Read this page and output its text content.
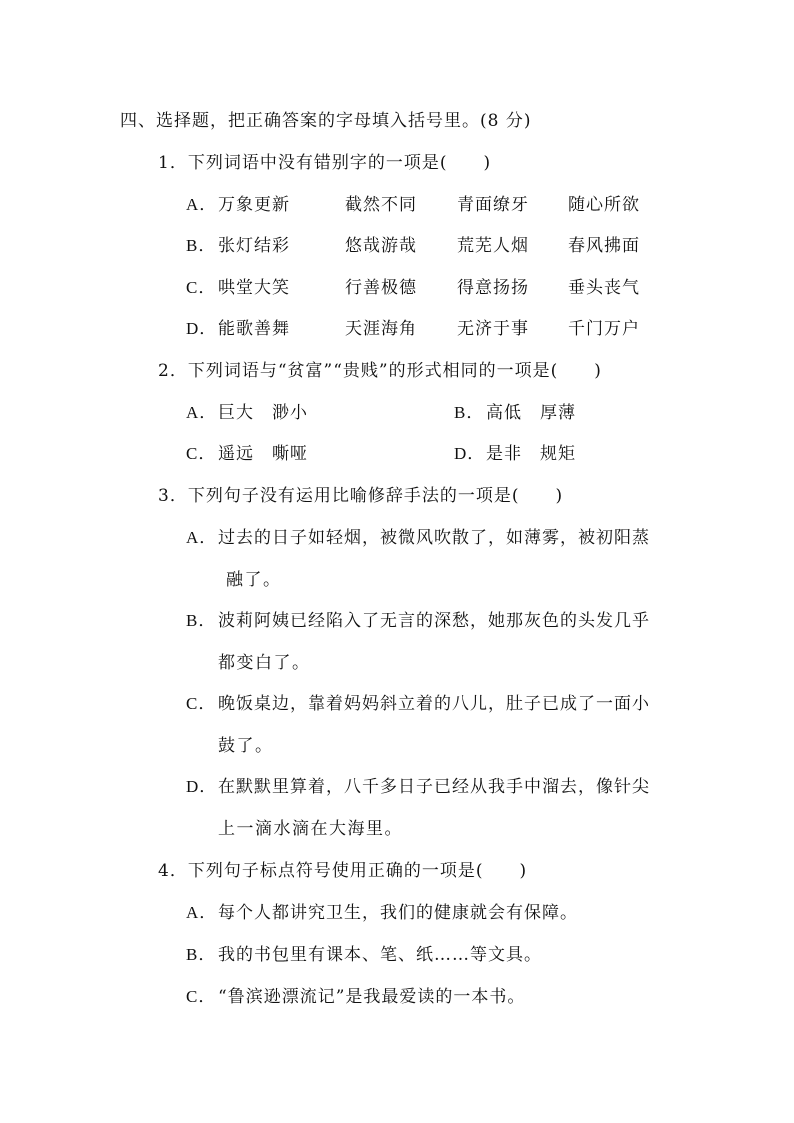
四、选择题，把正确答案的字母填入括号里。(8 分)
1．下列词语中没有错别字的一项是(　　)
A． 万象更新	截然不同 青面缭牙 随心所欲
B． 张灯结彩	悠哉游哉 荒芜人烟 春风拂面
C． 哄堂大笑	行善极德 得意扬扬 垂头丧气
D． 能歌善舞	天涯海角 无济于事 千门万户
2．下列词语与“贫富”“贵贱”的形式相同的一项是(　　)
A．巨大　渺小	B．高低　厚薄
C．遥远　嘶哑	D．是非　规矩
3．下列句子没有运用比喻修辞手法的一项是(　　)
A．过去的日子如轻烟，被微风吹散了，如薄雾，被初阳蒸
融了。
B．波莉阿姨已经陷入了无言的深愁，她那灰色的头发几乎
都变白了。
C．晚饭桌边，靠着妈妈斜立着的八儿，肚子已成了一面小
鼓了。
D．在默默里算着，八千多日子已经从我手中溜去，像针尖
上一滴水滴在大海里。
4．下列句子标点符号使用正确的一项是(　　)
A．每个人都讲究卫生，我们的健康就会有保障。
B．我的书包里有课本、笔、纸……等文具。
C．“鲁滨逊漂流记”是我最爱读的一本书。
